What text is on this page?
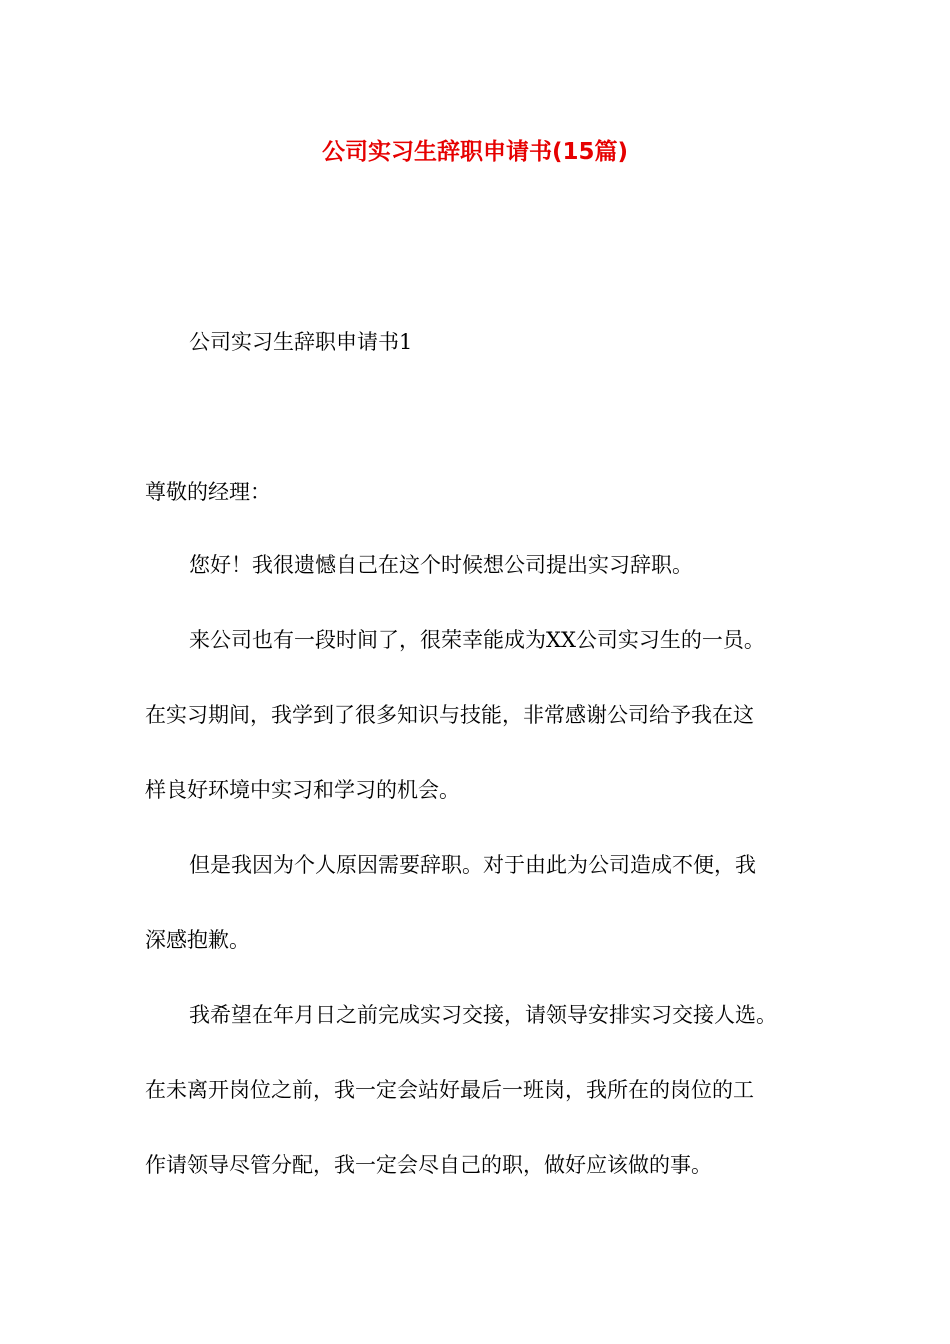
公司实习生辞职申请书(15篇)
公司实习生辞职申请书1
尊敬的经理：
您好！我很遗憾自己在这个时候想公司提出实习辞职。
来公司也有一段时间了，很荣幸能成为XX公司实习生的一员。
在实习期间，我学到了很多知识与技能，非常感谢公司给予我在这
样良好环境中实习和学习的机会。
但是我因为个人原因需要辞职。对于由此为公司造成不便，我
深感抱歉。
我希望在年月日之前完成实习交接，请领导安排实习交接人选。
在未离开岗位之前，我一定会站好最后一班岗，我所在的岗位的工
作请领导尽管分配，我一定会尽自己的职，做好应该做的事。
